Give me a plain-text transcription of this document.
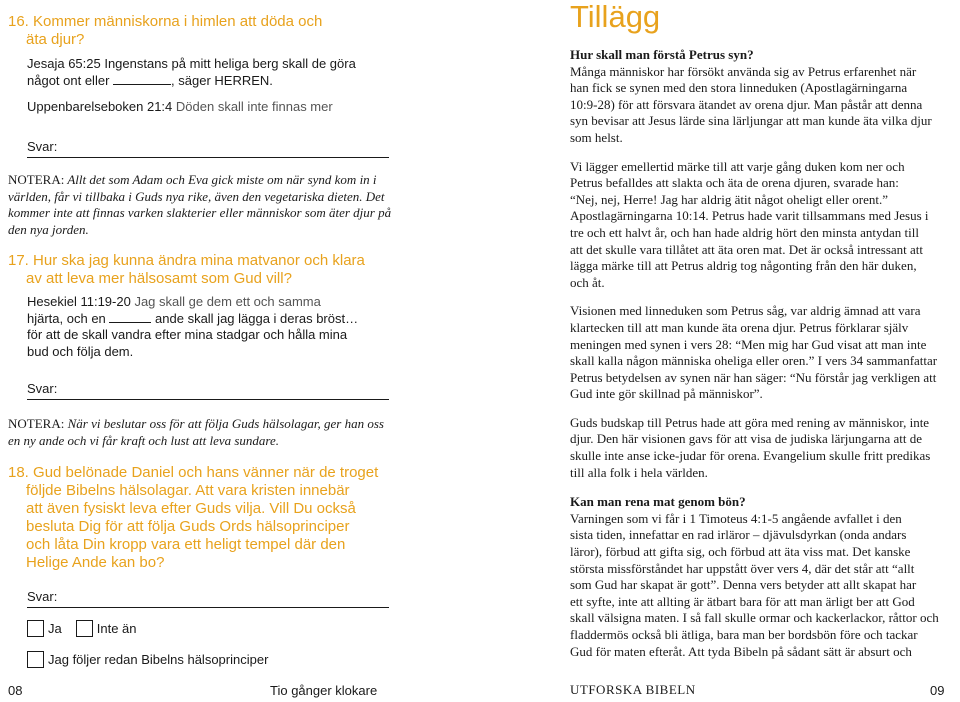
16. Kommer människorna i himlen att döda och
äta djur?
Jesaja 65:25 Ingenstans på mitt heliga berg skall de göra
något ont eller	, säger HERREN.
Uppenbarelseboken 21:4 Döden skall inte finnas mer
Svar:
NOTERA: Allt det som Adam och Eva gick miste om när synd kom in i världen, får vi tillbaka i Guds nya rike, även den vegetariska dieten. Det kommer inte att finnas varken slakterier eller människor som äter djur på den nya jorden.
17. Hur ska jag kunna ändra mina matvanor och klara
av att leva mer hälsosamt som Gud vill?
Hesekiel 11:19-20 Jag skall ge dem ett och samma
hjärta, och en	ande skall jag lägga i deras bröst…
för att de skall vandra efter mina stadgar och hålla mina
bud och följa dem.
Svar:
NOTERA: När vi beslutar oss för att följa Guds hälsolagar, ger han oss en ny ande och vi får kraft och lust att leva sundare.
18. Gud belönade Daniel och hans vänner när de troget
följde Bibelns hälsolagar. Att vara kristen innebär
att även fysiskt leva efter Guds vilja. Vill Du också
besluta Dig för att följa Guds Ords hälsoprinciper
och låta Din kropp vara ett heligt tempel där den
Helige Ande kan bo?
Svar:
Ja	Inte än
Jag följer redan Bibelns hälsoprinciper
08	Tio gånger klokare
Tillägg

Hur skall man förstå Petrus syn?

Många människor har försökt använda sig av Petrus erfarenhet när
han fick se synen med den stora linneduken (Apostlagärningarna
10:9-28) för att försvara ätandet av orena djur. Man påstår att denna
syn bevisar att Jesus lärde sina lärljungar att man kunde äta vilka djur
som helst.
Vi lägger emellertid märke till att varje gång duken kom ner och
Petrus befalldes att slakta och äta de orena djuren, svarade han:
“Nej, nej, Herre! Jag har aldrig ätit något oheligt eller orent.”
Apostlagärningarna 10:14. Petrus hade varit tillsammans med Jesus i
tre och ett halvt år, och han hade aldrig hört den minsta antydan till
att det skulle vara tillåtet att äta oren mat. Det är också intressant att
lägga märke till att Petrus aldrig tog någonting från den här duken,
och åt.
Visionen med linneduken som Petrus såg, var aldrig ämnad att vara
klartecken till att man kunde äta orena djur. Petrus förklarar själv
meningen med synen i vers 28: “Men mig har Gud visat att man inte
skall kalla någon människa oheliga eller oren.” I vers 34 sammanfattar
Petrus betydelsen av synen när han säger: “Nu förstår jag verkligen att
Gud inte gör skillnad på människor”.
Guds budskap till Petrus hade att göra med rening av människor, inte
djur. Den här visionen gavs för att visa de judiska lärjungarna att de
skulle inte anse icke-judar för orena. Evangelium skulle fritt predikas
till alla folk i hela världen.

Kan man rena mat genom bön?

Varningen som vi får i 1 Timoteus 4:1-5 angående avfallet i den
sista tiden, innefattar en rad irläror – djävulsdyrkan (onda andars
läror), förbud att gifta sig, och förbud att äta viss mat. Det kanske
största missförståndet har uppstått över vers 4, där det står att “allt
som Gud har skapat är gott”. Denna vers betyder att allt skapat har
ett syfte, inte att allting är ätbart bara för att man ärligt ber att God
skall välsigna maten. I så fall skulle ormar och kackerlackor, råttor och
fladdermös också bli ätliga, bara man ber bordsbön före och tackar
Gud för maten efteråt. Att tyda Bibeln på sådant sätt är absurt och
UTFORSKA BIBELN	09
